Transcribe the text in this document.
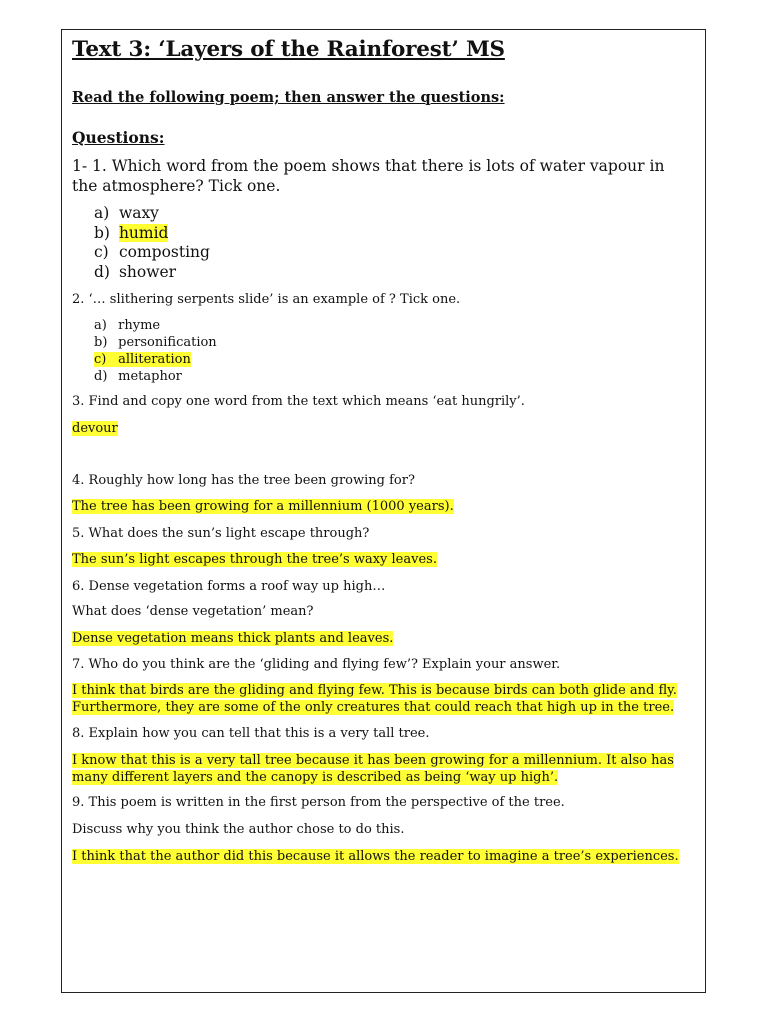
Text 3: ‘Layers of the Rainforest’ MS
Read the following poem; then answer the questions:
Questions:
1- 1. Which word from the poem shows that there is lots of water vapour in the atmosphere? Tick one.
a) waxy
b) humid
c) composting
d) shower
2. ‘… slithering serpents slide’ is an example of ? Tick one.
a) rhyme
b) personification
c) alliteration
d) metaphor
3. Find and copy one word from the text which means ‘eat hungrily’.
devour
4. Roughly how long has the tree been growing for?
The tree has been growing for a millennium (1000 years).
5. What does the sun’s light escape through?
The sun’s light escapes through the tree’s waxy leaves.
6. Dense vegetation forms a roof way up high…
What does ‘dense vegetation’ mean?
Dense vegetation means thick plants and leaves.
7. Who do you think are the ‘gliding and flying few’? Explain your answer.
I think that birds are the gliding and flying few. This is because birds can both glide and fly. Furthermore, they are some of the only creatures that could reach that high up in the tree.
8. Explain how you can tell that this is a very tall tree.
I know that this is a very tall tree because it has been growing for a millennium. It also has many different layers and the canopy is described as being ‘way up high’.
9. This poem is written in the first person from the perspective of the tree.
Discuss why you think the author chose to do this.
I think that the author did this because it allows the reader to imagine a tree’s experiences.
